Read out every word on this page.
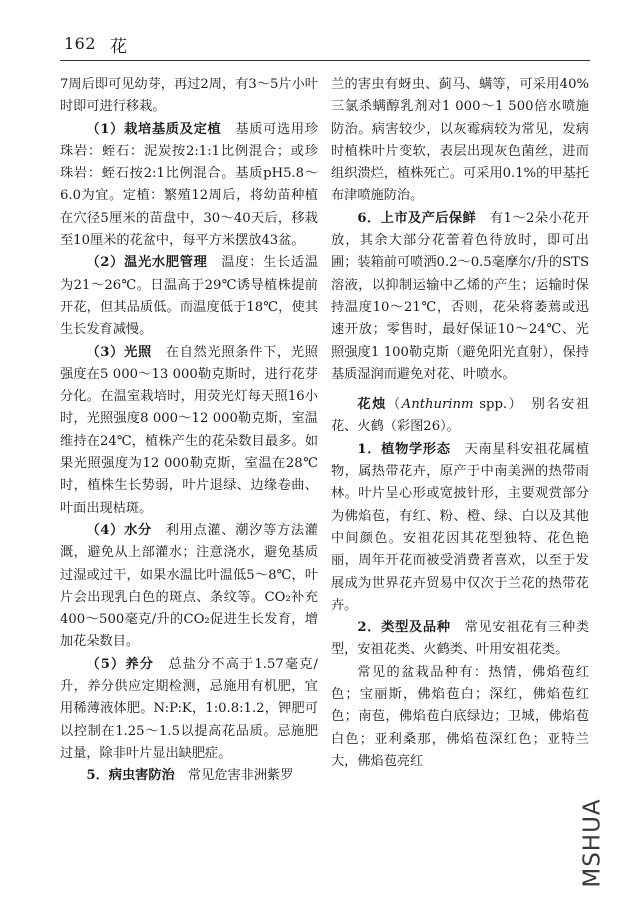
162 花

7周后即可见幼芽，再过2周，有3～5片小叶时即可进行移栽。

（1）栽培基质及定植　 基质可选用珍珠岩：蛭石：泥炭按2:1:1比例混合；或珍珠岩：蛭石按2:1比例混合。基质pH5.8～6.0为宜。定植：繁殖12周后，将幼苗种植在穴径5厘米的苗盘中，30～40天后，移栽至10厘米的花盆中，每平方米摆放43盆。

（2）温光水肥管理　 温度：生长适温为21～26℃。日温高于29℃诱导植株提前开花，但其品质低。而温度低于18℃，使其生长发育减慢。

（3）光照　 在自然光照条件下，光照强度在5 000～13 000勒克斯时，进行花芽分化。在温室栽培时，用荧光灯每天照16小时，光照强度8 000～12 000勒克斯，室温维持在24℃，植株产生的花朵数目最多。如果光照强度为12 000勒克斯，室温在28℃时，植株生长势弱，叶片退绿、边缘卷曲、叶面出现枯斑。

（4）水分　 利用点灌、潮汐等方法灌溉，避免从上部灌水；注意浇水，避免基质过湿或过干，如果水温比叶温低5～8℃，叶片会出现乳白色的斑点、条纹等。CO₂补充400～500毫克/升的CO₂促进生长发育，增加花朵数目。

（5）养分　 总盐分不高于1.57毫克/升，养分供应定期检测，忌施用有机肥，宜用稀薄液体肥。N:P:K，1:0.8:1.2，钾肥可以控制在1.25～1.5以提高花品质。忌施肥过量，除非叶片显出缺肥症。

5．病虫害防治　 常见危害非洲紫罗

兰的害虫有蚜虫、蓟马、螨等，可采用40%三氯杀螨醇乳剂对1 000～1 500倍水喷施防治。病害较少，以灰霉病较为常见，发病时植株叶片变软，表层出现灰色菌丝，进而组织溃烂，植株死亡。可采用0.1%的甲基托布津喷施防治。

6．上市及产后保鲜　 有1～2朵小花开放，其余大部分花蕾着色待放时，即可出圃；装箱前可喷洒0.2～0.5毫摩尔/升的STS溶液，以抑制运输中乙烯的产生；运输时保持温度10～21℃，否则，花朵将萎蔫或迅速开放；零售时，最好保证10～24℃、光照强度1 100勒克斯（避免阳光直射），保持基质湿润而避免对花、叶喷水。

花烛（Anthurinm spp.）　别名安祖花、火鹤（彩图26）。

1．植物学形态　 天南星科安祖花属植物，属热带花卉，原产于中南美洲的热带雨林。叶片呈心形或宽披针形，主要观赏部分为佛焰苞，有红、粉、橙、绿、白以及其他中间颜色。安祖花因其花型独特、花色艳丽，周年开花而被受消费者喜欢，以至于发展成为世界花卉贸易中仅次于兰花的热带花卉。

2．类型及品种　 常见安祖花有三种类型，安祖花类、火鹤类、叶用安祖花类。

常见的盆栽品种有：热情，佛焰苞红色；宝丽斯，佛焰苞白；深红，佛焰苞红色；南苞，佛焰苞白底绿边；卫城，佛焰苞白色；亚利桑那，佛焰苞深红色；亚特兰大，佛焰苞亮红

MSHUA
